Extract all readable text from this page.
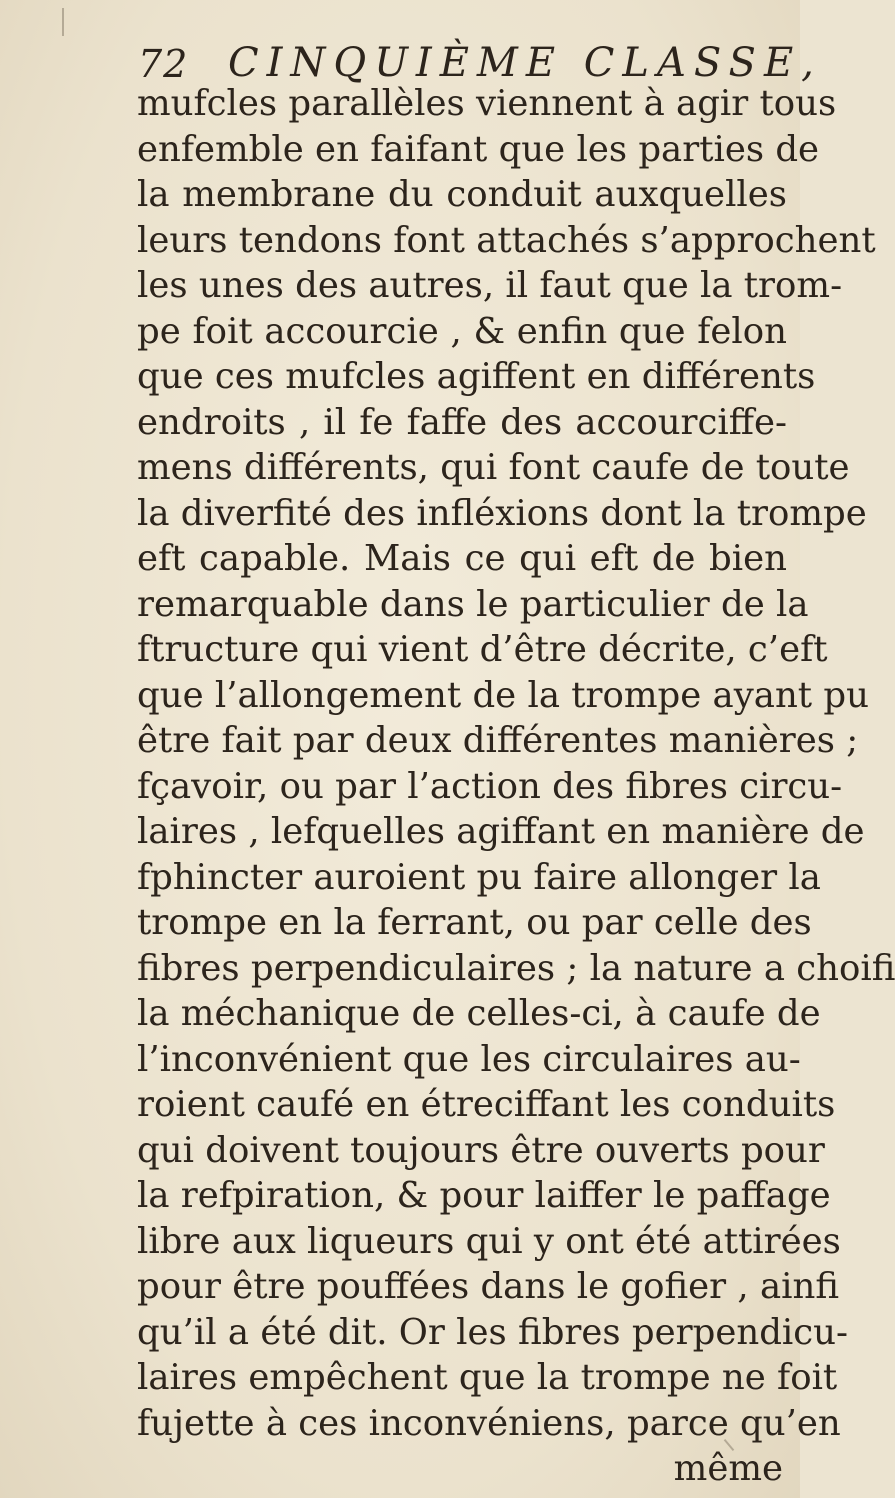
72 CINQUIÈME CLASSE,
mufcles parallèles viennent à agir tous
enfemble en faifant que les parties de
la membrane du conduit auxquelles
leurs tendons font attachés s’approchent
les unes des autres, il faut que la trom-
pe foit accourcie , & enfin que felon
que ces mufcles agiffent en différents
endroits , il fe faffe des accourciffe-
mens différents, qui font caufe de toute
la diverfité des infléxions dont la trompe
eft capable. Mais ce qui eft de bien
remarquable dans le particulier de la
ftructure qui vient d’être décrite, c’eft
que l’allongement de la trompe ayant pu
être fait par deux différentes manières ;
fçavoir, ou par l’action des fibres circu-
laires , lefquelles agiffant en manière de
fphincter auroient pu faire allonger la
trompe en la ferrant, ou par celle des
fibres perpendiculaires ; la nature a choifi
la méchanique de celles-ci, à caufe de
l’inconvénient que les circulaires au-
roient caufé en étreciffant les conduits
qui doivent toujours être ouverts pour
la refpiration, & pour laiffer le paffage
libre aux liqueurs qui y ont été attirées
pour être pouffées dans le gofier , ainfi
qu’il a été dit. Or les fibres perpendicu-
laires empêchent que la trompe ne foit
fujette à ces inconvéniens, parce qu’en
même
